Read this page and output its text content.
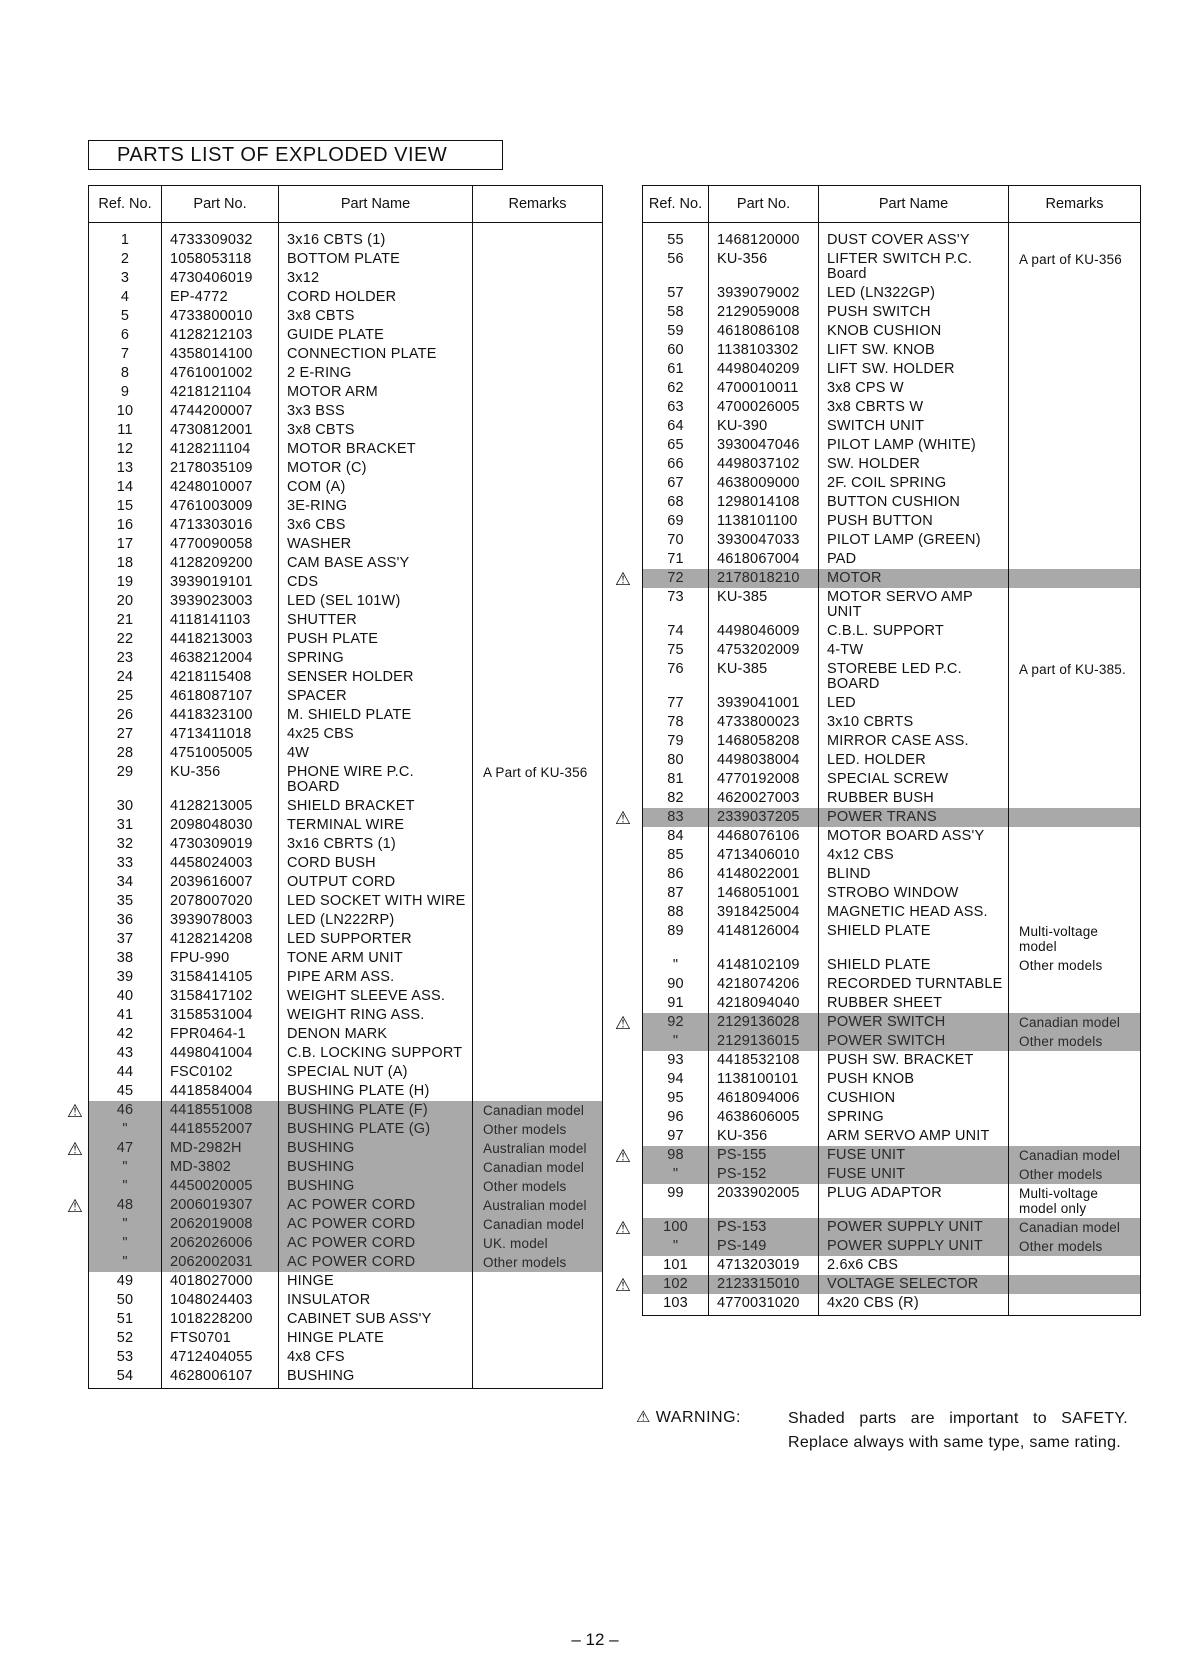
PARTS LIST OF EXPLODED VIEW
Ref. No.	Part No.	Part Name	Remarks
1	4733309032	3x16 CBTS (1)	
2	1058053118	BOTTOM PLATE	
3	4730406019	3x12	
4	EP-4772	CORD HOLDER	
5	4733800010	3x8 CBTS	
6	4128212103	GUIDE PLATE	
7	4358014100	CONNECTION PLATE	
8	4761001002	2 E-RING	
9	4218121104	MOTOR ARM	
10	4744200007	3x3 BSS	
11	4730812001	3x8 CBTS	
12	4128211104	MOTOR BRACKET	
13	2178035109	MOTOR (C)	
14	4248010007	COM (A)	
15	4761003009	3E-RING	
16	4713303016	3x6 CBS	
17	4770090058	WASHER	
18	4128209200	CAM BASE ASS'Y	
19	3939019101	CDS	
20	3939023003	LED (SEL 101W)	
21	4118141103	SHUTTER	
22	4418213003	PUSH PLATE	
23	4638212004	SPRING	
24	4218115408	SENSER HOLDER	
25	4618087107	SPACER	
26	4418323100	M. SHIELD PLATE	
27	4713411018	4x25 CBS	
28	4751005005	4W	
29	KU-356	PHONE WIRE P.C. BOARD	A Part of KU-356
30	4128213005	SHIELD BRACKET	
31	2098048030	TERMINAL WIRE	
32	4730309019	3x16 CBRTS (1)	
33	4458024003	CORD BUSH	
34	2039616007	OUTPUT CORD	
35	2078007020	LED SOCKET WITH WIRE	
36	3939078003	LED (LN222RP)	
37	4128214208	LED SUPPORTER	
38	FPU-990	TONE ARM UNIT	
39	3158414105	PIPE ARM ASS.	
40	3158417102	WEIGHT SLEEVE ASS.	
41	3158531004	WEIGHT RING ASS.	
42	FPR0464-1	DENON MARK	
43	4498041004	C.B. LOCKING SUPPORT	
44	FSC0102	SPECIAL NUT (A)	
45	4418584004	BUSHING PLATE (H)	
46	4418551008	BUSHING PLATE (F)	Canadian model
"	4418552007	BUSHING PLATE (G)	Other models
47	MD-2982H	BUSHING	Australian model
"	MD-3802	BUSHING	Canadian model
"	4450020005	BUSHING	Other models
48	2006019307	AC POWER CORD	Australian model
"	2062019008	AC POWER CORD	Canadian model
"	2062026006	AC POWER CORD	UK. model
"	2062002031	AC POWER CORD	Other models
49	4018027000	HINGE	
50	1048024403	INSULATOR	
51	1018228200	CABINET SUB ASS'Y	
52	FTS0701	HINGE PLATE	
53	4712404055	4x8 CFS	
54	4628006107	BUSHING	
Ref. No.	Part No.	Part Name	Remarks
55	1468120000	DUST COVER ASS'Y	
56	KU-356	LIFTER SWITCH P.C. Board	A part of KU-356
57	3939079002	LED (LN322GP)	
58	2129059008	PUSH SWITCH	
59	4618086108	KNOB CUSHION	
60	1138103302	LIFT SW. KNOB	
61	4498040209	LIFT SW. HOLDER	
62	4700010011	3x8 CPS W	
63	4700026005	3x8 CBRTS W	
64	KU-390	SWITCH UNIT	
65	3930047046	PILOT LAMP (WHITE)	
66	4498037102	SW. HOLDER	
67	4638009000	2F. COIL SPRING	
68	1298014108	BUTTON CUSHION	
69	1138101100	PUSH BUTTON	
70	3930047033	PILOT LAMP (GREEN)	
71	4618067004	PAD	
72	2178018210	MOTOR	
73	KU-385	MOTOR SERVO AMP UNIT	
74	4498046009	C.B.L. SUPPORT	
75	4753202009	4-TW	
76	KU-385	STOREBE LED P.C. BOARD	A part of KU-385.
77	3939041001	LED	
78	4733800023	3x10 CBRTS	
79	1468058208	MIRROR CASE ASS.	
80	4498038004	LED. HOLDER	
81	4770192008	SPECIAL SCREW	
82	4620027003	RUBBER BUSH	
83	2339037205	POWER TRANS	
84	4468076106	MOTOR BOARD ASS'Y	
85	4713406010	4x12 CBS	
86	4148022001	BLIND	
87	1468051001	STROBO WINDOW	
88	3918425004	MAGNETIC HEAD ASS.	
89	4148126004	SHIELD PLATE	Multi-voltage model
"	4148102109	SHIELD PLATE	Other models
90	4218074206	RECORDED TURNTABLE	
91	4218094040	RUBBER SHEET	
92	2129136028	POWER SWITCH	Canadian model
"	2129136015	POWER SWITCH	Other models
93	4418532108	PUSH SW. BRACKET	
94	1138100101	PUSH KNOB	
95	4618094006	CUSHION	
96	4638606005	SPRING	
97	KU-356	ARM SERVO AMP UNIT	
98	PS-155	FUSE UNIT	Canadian model
"	PS-152	FUSE UNIT	Other models
99	2033902005	PLUG ADAPTOR	Multi-voltage model only
100	PS-153	POWER SUPPLY UNIT	Canadian model
"	PS-149	POWER SUPPLY UNIT	Other models
101	4713203019	2.6x6 CBS	
102	2123315010	VOLTAGE SELECTOR	
103	4770031020	4x20 CBS (R)	
⚠ WARNING:	Shaded parts are important to SAFETY. Replace always with same type, same rating.
– 12 –
⚠
⚠
⚠
⚠
⚠
⚠
⚠
⚠
⚠
